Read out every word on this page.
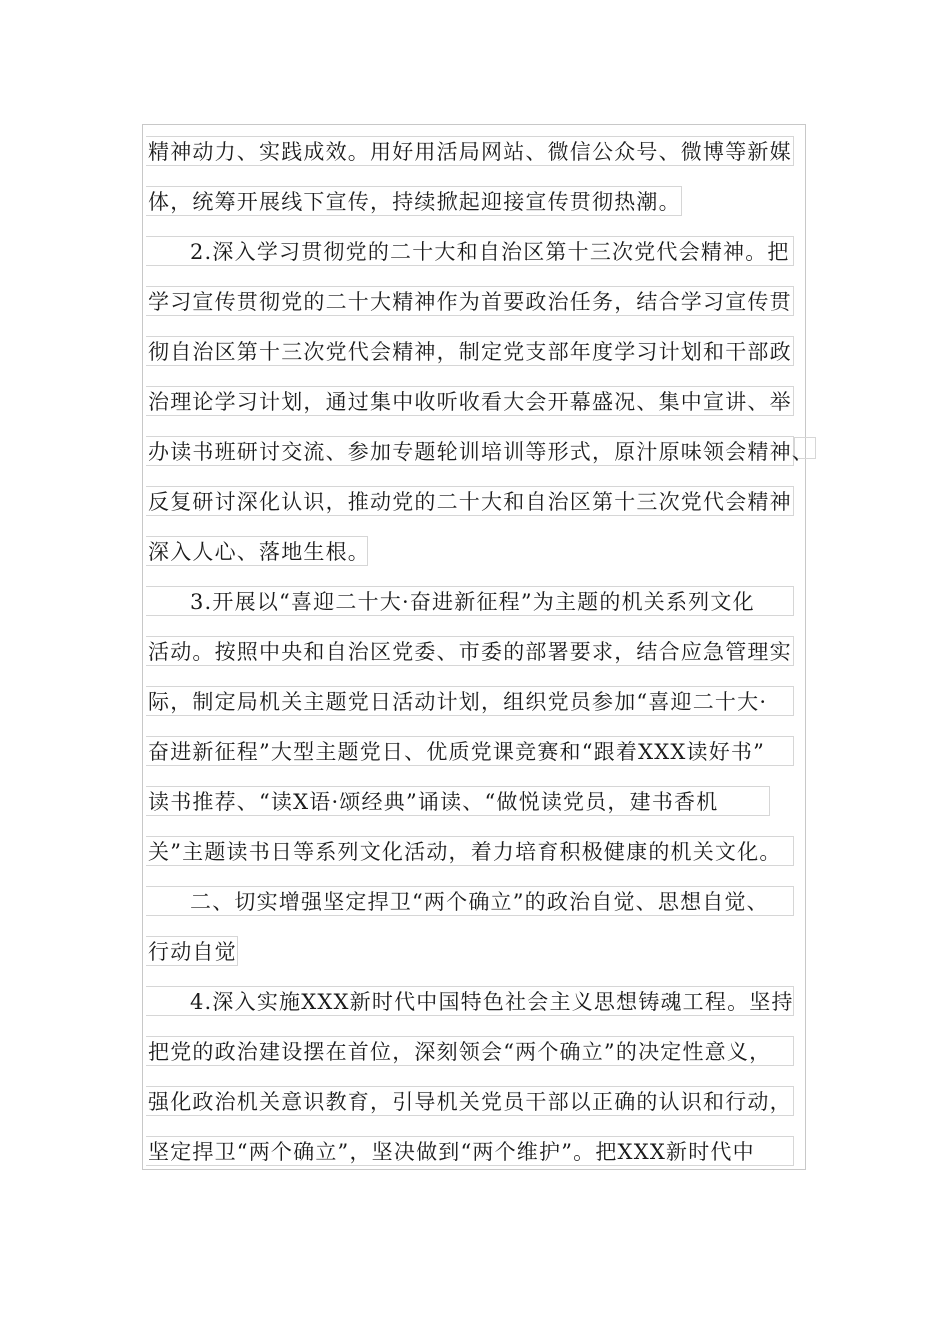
精神动力、实践成效。用好用活局网站、微信公众号、微博等新媒
体，统筹开展线下宣传，持续掀起迎接宣传贯彻热潮。
2.深入学习贯彻党的二十大和自治区第十三次党代会精神。把
学习宣传贯彻党的二十大精神作为首要政治任务，结合学习宣传贯
彻自治区第十三次党代会精神，制定党支部年度学习计划和干部政
治理论学习计划，通过集中收听收看大会开幕盛况、集中宣讲、举
办读书班研讨交流、参加专题轮训培训等形式，原汁原味领会精神、
反复研讨深化认识，推动党的二十大和自治区第十三次党代会精神
深入人心、落地生根。
3.开展以“喜迎二十大·奋进新征程”为主题的机关系列文化
活动。按照中央和自治区党委、市委的部署要求，结合应急管理实
际，制定局机关主题党日活动计划，组织党员参加“喜迎二十大·
奋进新征程”大型主题党日、优质党课竞赛和“跟着XXX读好书”
读书推荐、“读X语·颂经典”诵读、“做悦读党员，建书香机
关”主题读书日等系列文化活动，着力培育积极健康的机关文化。
二、切实增强坚定捍卫“两个确立”的政治自觉、思想自觉、
行动自觉
4.深入实施XXX新时代中国特色社会主义思想铸魂工程。坚持
把党的政治建设摆在首位，深刻领会“两个确立”的决定性意义，
强化政治机关意识教育，引导机关党员干部以正确的认识和行动，
坚定捍卫“两个确立”，坚决做到“两个维护”。把XXX新时代中
